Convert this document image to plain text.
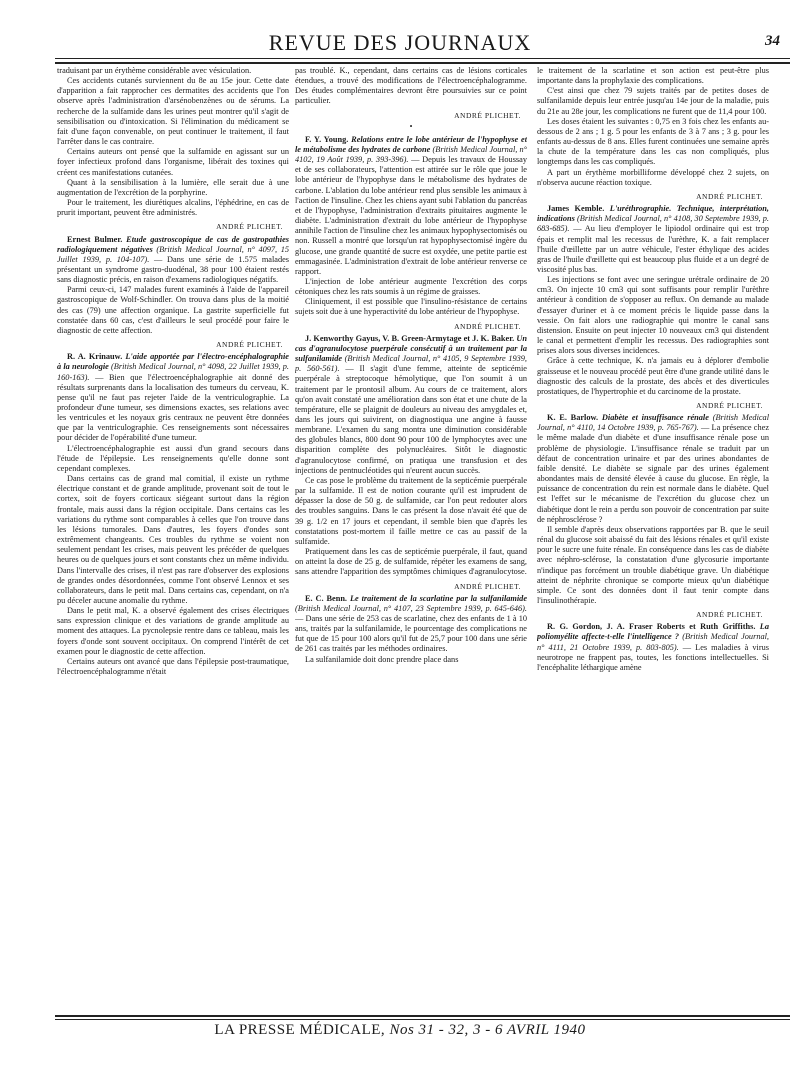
REVUE DES JOURNAUX	34

traduisant par un érythème considérable avec vésiculation.

Ces accidents cutanés surviennent du 8e au 15e jour. Cette date d'apparition a fait rapprocher ces dermatites des accidents que l'on observe après l'administration d'arsénobenzènes ou de sérums. La recherche de la sulfamide dans les urines peut montrer qu'il s'agit de sensibilisation ou d'intoxication. Si l'élimination du médicament se fait d'une façon convenable, on peut continuer le traitement, il faut l'arrêter dans le cas contraire.

Certains auteurs ont pensé que la sulfamide en agissant sur un foyer infectieux profond dans l'organisme, libérait des toxines qui créent ces manifestations cutanées.

Quant à la sensibilisation à la lumière, elle serait due à une augmentation de l'excrétion de la porphyrine.

Pour le traitement, les diurétiques alcalins, l'éphédrine, en cas de prurit important, peuvent être administrés.

ANDRÉ PLICHET.

Ernest Bulmer. Etude gastroscopique de cas de gastropathies radiologiquement négatives (British Medical Journal, n° 4097, 15 Juillet 1939, p. 104-107). — Dans une série de 1.575 malades présentant un syndrome gastro-duodénal, 38 pour 100 étaient restés sans diagnostic précis, en raison d'examens radiologiques négatifs.

Parmi ceux-ci, 147 malades furent examinés à l'aide de l'appareil gastroscopique de Wolf-Schindler. On trouva dans plus de la moitié des cas (79) une affection organique. La gastrite superficielle fut constatée dans 60 cas, c'est d'ailleurs le seul procédé pour faire le diagnostic de cette affection.

ANDRÉ PLICHET.

R. A. Krinauw. L'aide apportée par l'électro-encéphalographie à la neurologie (British Medical Journal, n° 4098, 22 Juillet 1939, p. 160-163). — Bien que l'électroencéphalographie ait donné des résultats surprenants dans la localisation des tumeurs du cerveau, K. pense qu'il ne faut pas rejeter l'aide de la ventriculographie. La profondeur d'une tumeur, ses dimensions exactes, ses relations avec les ventricules et les noyaux gris centraux ne peuvent être données que par la ventriculographie. Ces renseignements sont nécessaires pour décider de l'opérabilité d'une tumeur.

L'électroencéphalographie est aussi d'un grand secours dans l'étude de l'épilepsie. Les renseignements qu'elle donne sont cependant complexes.

Dans certains cas de grand mal comitial, il existe un rythme électrique constant et de grande amplitude, provenant soit de tout le cortex, soit de foyers corticaux siégeant surtout dans la région frontale, mais aussi dans la région occipitale. Dans certains cas les variations du rythme sont comparables à celles que l'on trouve dans les lésions tumorales. Dans d'autres, les foyers d'ondes sont extrêmement changeants. Ces troubles du rythme se voient non seulement pendant les crises, mais peuvent les précéder de quelques heures ou de quelques jours et sont constants chez un même individu. Dans l'intervalle des crises, il n'est pas rare d'observer des explosions de grandes ondes désordonnées, comme l'ont observé Lennox et ses collaborateurs, dans le petit mal. Dans certains cas, cependant, on n'a pu déceler aucune anomalie du rythme.

Dans le petit mal, K. a observé également des crises électriques sans expression clinique et des variations de grande amplitude au moment des attaques. La pycnolepsie rentre dans ce tableau, mais les foyers d'onde sont souvent occipitaux. On comprend l'intérêt de cet examen pour le diagnostic de cette affection.

Certains auteurs ont avancé que dans l'épilepsie post-traumatique, l'électroencéphalogramme n'était

pas troublé. K., cependant, dans certains cas de lésions corticales étendues, a trouvé des modifications de l'électroencéphalogramme. Des études complémentaires devront être poursuivies sur ce point particulier.

ANDRÉ PLICHET.
•

F. Y. Young. Relations entre le lobe antérieur de l'hypophyse et le métabolisme des hydrates de carbone (British Medical Journal, n° 4102, 19 Août 1939, p. 393-396). — Depuis les travaux de Houssay et de ses collaborateurs, l'attention est attirée sur le rôle que joue le lobe antérieur de l'hypophyse dans le métabolisme des hydrates de carbone. L'ablation du lobe antérieur rend plus sensible les animaux à l'action de l'insuline. Chez les chiens ayant subi l'ablation du pancréas et de l'hypophyse, l'administration d'extraits pituitaires augmente le diabète. L'administration d'extrait du lobe antérieur de l'hypophyse annihile l'action de l'insuline chez les animaux hypophysectomisés ou non. Russell a montré que lorsqu'un rat hypophysectomisé ingère du glucose, une grande quantité de sucre est oxydée, une petite partie est emmagasinée. L'administration d'extrait de lobe antérieur renverse ce rapport.

L'injection de lobe antérieur augmente l'excrétion des corps cétoniques chez les rats soumis à un régime de graisses.

Cliniquement, il est possible que l'insulino-résistance de certains sujets soit due à une hyperactivité du lobe antérieur de l'hypophyse.

ANDRÉ PLICHET.

J. Kenworthy Gayus, V. B. Green-Armytage et J. K. Baker. Un cas d'agranulocytose puerpérale consécutif à un traitement par la sulfanilamide (British Medical Journal, n° 4105, 9 Septembre 1939, p. 560-561). — Il s'agit d'une femme, atteinte de septicémie puerpérale à streptocoque hémolytique, que l'on soumit à un traitement par le prontosil album. Au cours de ce traitement, alors qu'on avait constaté une amélioration dans son état et une chute de la température, elle se plaignit de douleurs au niveau des amygdales et, dans les jours qui suivirent, on diagnostiqua une angine à fausse membrane. L'examen du sang montra une diminution considérable des globules blancs, 800 dont 90 pour 100 de lymphocytes avec une disparition complète des polynucléaires. Sitôt le diagnostic d'agranulocytose confirmé, on pratiqua une transfusion et des injections de pentnucléotides qui n'eurent aucun succès.

Ce cas pose le problème du traitement de la septicémie puerpérale par la sulfamide. Il est de notion courante qu'il est imprudent de dépasser la dose de 50 g. de sulfamide, car l'on peut redouter alors des troubles sanguins. Dans le cas présent la dose n'avait été que de 39 g. 1/2 en 17 jours et cependant, il semble bien que d'après les constatations post-mortem il faille mettre ce cas au passif de la sulfamide.

Pratiquement dans les cas de septicémie puerpérale, il faut, quand on atteint la dose de 25 g. de sulfamide, répéter les examens de sang, sans attendre l'apparition des symptômes chimiques d'agranulocytose.

ANDRÉ PLICHET.

E. C. Benn. Le traitement de la scarlatine par la sulfanilamide (British Medical Journal, n° 4107, 23 Septembre 1939, p. 645-646). — Dans une série de 253 cas de scarlatine, chez des enfants de 1 à 10 ans, traités par la sulfanilamide, le pourcentage des complications ne fut que de 15 pour 100 alors qu'il fut de 25,7 pour 100 dans une série de 261 cas traités par les méthodes ordinaires.

La sulfanilamide doit donc prendre place dans

le traitement de la scarlatine et son action est peut-être plus importante dans la prophylaxie des complications.

C'est ainsi que chez 79 sujets traités par de petites doses de sulfanilamide depuis leur entrée jusqu'au 14e jour de la maladie, puis du 21e au 28e jour, les complications ne furent que de 11,4 pour 100.

Les doses étaient les suivantes : 0,75 en 3 fois chez les enfants au-dessous de 2 ans ; 1 g. 5 pour les enfants de 3 à 7 ans ; 3 g. pour les enfants au-dessus de 8 ans. Elles furent continuées une semaine après la chute de la température dans les cas non compliqués, plus longtemps dans les cas compliqués.

A part un érythème morbilliforme développé chez 2 sujets, on n'observa aucune réaction toxique.

ANDRÉ PLICHET.

James Kemble. L'uréthrographie. Technique, interprétation, indications (British Medical Journal, n° 4108, 30 Septembre 1939, p. 683-685). — Au lieu d'employer le lipiodol ordinaire qui est trop épais et remplit mal les recessus de l'urèthre, K. a fait remplacer l'huile d'œillette par un autre véhicule, l'ester éthylique des acides gras de l'huile d'œillette qui est beaucoup plus fluide et a un degré de viscosité plus bas.

Les injections se font avec une seringue urétrale ordinaire de 20 cm3. On injecte 10 cm3 qui sont suffisants pour remplir l'urèthre antérieur à condition de s'opposer au reflux. On demande au malade d'essayer d'uriner et à ce moment précis le liquide passe dans la vessie. On fait alors une radiographie qui montre le canal sans distension. Ensuite on peut injecter 10 nouveaux cm3 qui distendent le canal et permettent d'emplir les recessus. Des radiographies sont prises alors sous diverses incidences.

Grâce à cette technique, K. n'a jamais eu à déplorer d'embolie graisseuse et le nouveau procédé peut être d'une grande utilité dans le diagnostic des calculs de la prostate, des abcès et des diverticules prostatiques, de l'hypertrophie et du carcinome de la prostate.

ANDRÉ PLICHET.

K. E. Barlow. Diabète et insuffisance rénale (British Medical Journal, n° 4110, 14 Octobre 1939, p. 765-767). — La présence chez le même malade d'un diabète et d'une insuffisance rénale pose un problème de physiologie. L'insuffisance rénale se traduit par un défaut de concentration urinaire et par des urines abondantes de faible densité. Le diabète se signale par des urines également abondantes mais de densité élevée à cause du glucose. En règle, la puissance de concentration du rein est normale dans le diabète. Quel est l'effet sur le mécanisme de l'excrétion du glucose chez un diabétique dont le rein a perdu son pouvoir de concentration par suite de néphrosclérose ?

Il semble d'après deux observations rapportées par B. que le seuil rénal du glucose soit abaissé du fait des lésions rénales et qu'il existe pour le sucre une fuite rénale. En conséquence dans les cas de diabète avec néphro-sclérose, la constatation d'une glycosurie importante n'indique pas forcément un trouble diabétique grave. Un diabétique atteint de néphrite chronique se comporte mieux qu'un diabétique simple. Ce sont des données dont il faut tenir compte dans l'insulinothérapie.

ANDRÉ PLICHET.

R. G. Gordon, J. A. Fraser Roberts et Ruth Griffiths. La poliomyélite affecte-t-elle l'intelligence ? (British Medical Journal, n° 4111, 21 Octobre 1939, p. 803-805). — Les maladies à virus neurotrope ne frappent pas, toutes, les fonctions intellectuelles. Si l'encéphalite léthargique amène

LA PRESSE MÉDICALE, Nos 31 - 32, 3 - 6 AVRIL 1940
